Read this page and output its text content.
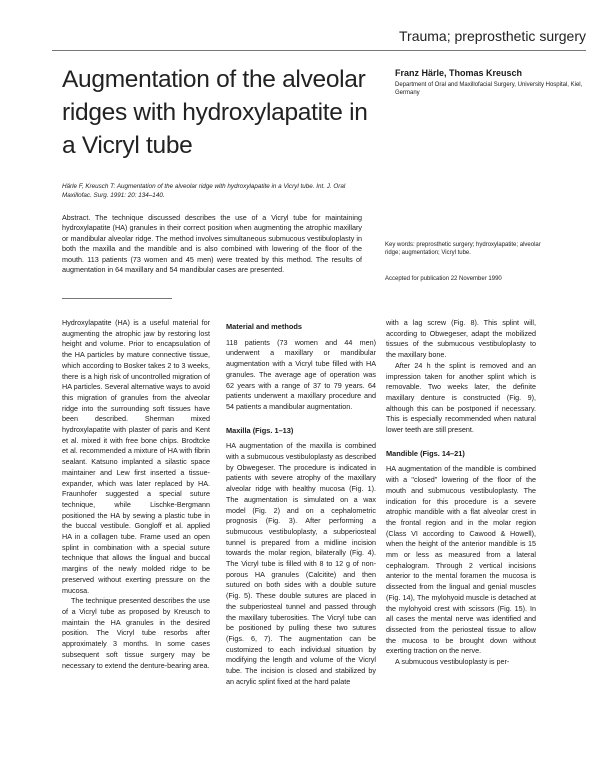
Trauma; preprosthetic surgery
Augmentation of the alveolar ridges with hydroxylapatite in a Vicryl tube
Franz Härle, Thomas Kreusch
Department of Oral and Maxillofacial Surgery, University Hospital, Kiel, Germany
Härle F, Kreusch T: Augmentation of the alveolar ridge with hydroxylapatite in a Vicryl tube. Int. J. Oral Maxillofac. Surg. 1991: 20: 134–140.
Abstract. The technique discussed describes the use of a Vicryl tube for maintaining hydroxylapatite (HA) granules in their correct position when augmenting the atrophic maxillary or mandibular alveolar ridge. The method involves simultaneous submucous vestibuloplasty in both the maxilla and the mandible and is also combined with lowering of the floor of the mouth. 113 patients (73 women and 45 men) were treated by this method. The results of augmentation in 64 maxillary and 54 mandibular cases are presented.
Key words: preprosthetic surgery; hydroxylapatite; alveolar ridge; augmentation; Vicryl tube.
Accepted for publication 22 November 1990

Hydroxylapatite (HA) is a useful material for augmenting the atrophic jaw by restoring lost height and volume. Prior to encapsulation of the HA particles by mature connective tissue, which according to Bosker takes 2 to 3 weeks, there is a high risk of uncontrolled migration of HA particles. Several alternative ways to avoid this migration of granules from the alveolar ridge into the surrounding soft tissues have been described. Sherman mixed hydroxylapatite with plaster of paris and Kent et al. mixed it with free bone chips. Brodtcke et al. recommended a mixture of HA with fibrin sealant. Katsuno implanted a silastic space maintainer and Lew first inserted a tissue-expander, which was later replaced by HA. Fraunhofer suggested a special suture technique, while Lischke-Bergmann positioned the HA by sewing a plastic tube in the buccal vestibule. Gongloff et al. applied HA in a collagen tube. Frame used an open splint in combination with a special suture technique that allows the lingual and buccal margins of the newly molded ridge to be preserved without exerting pressure on the mucosa.

The technique presented describes the use of a Vicryl tube as proposed by Kreusch to maintain the HA granules in the desired position. The Vicryl tube resorbs after approximately 3 months. In some cases subsequent soft tissue surgery may be necessary to extend the denture-bearing area.

Material and methods

118 patients (73 women and 44 men) underwent a maxillary or mandibular augmentation with a Vicryl tube filled with HA granules. The average age of operation was 62 years with a range of 37 to 79 years. 64 patients underwent a maxillary procedure and 54 patients a mandibular augmentation.

Maxilla (Figs. 1–13)

HA augmentation of the maxilla is combined with a submucous vestibuloplasty as described by Obwegeser. The procedure is indicated in patients with severe atrophy of the maxillary alveolar ridge with healthy mucosa (Fig. 1). The augmentation is simulated on a wax model (Fig. 2) and on a cephalometric prognosis (Fig. 3). After performing a submucous vestibuloplasty, a subperiosteal tunnel is prepared from a midline incision towards the molar region, bilaterally (Fig. 4). The Vicryl tube is filled with 8 to 12 g of non-porous HA granules (Calcitite) and then sutured on both sides with a double suture (Fig. 5). These double sutures are placed in the subperiosteal tunnel and passed through the maxillary tuberosities. The Vicryl tube can be positioned by pulling these two sutures (Figs. 6, 7). The augmentation can be customized to each individual situation by modifying the length and volume of the Vicryl tube. The incision is closed and stabilized by an acrylic splint fixed at the hard palate

with a lag screw (Fig. 8). This splint will, according to Obwegeser, adapt the mobilized tissues of the submucous vestibuloplasty to the maxillary bone.

After 24 h the splint is removed and an impression taken for another splint which is removable. Two weeks later, the definite maxillary denture is constructed (Fig. 9), although this can be postponed if necessary. This is especially recommended when natural lower teeth are still present.

Mandible (Figs. 14–21)

HA augmentation of the mandible is combined with a "closed" lowering of the floor of the mouth and submucous vestibuloplasty. The indication for this procedure is a severe atrophic mandible with a flat alveolar crest in the frontal region and in the molar region (Class VI according to Cawood & Howell), when the height of the anterior mandible is 15 mm or less as measured from a lateral cephalogram. Through 2 vertical incisions anterior to the mental foramen the mucosa is dissected from the lingual and genial muscles (Fig. 14), The mylohyoid muscle is detached at the mylohyoid crest with scissors (Fig. 15). In all cases the mental nerve was identified and dissected from the periosteal tissue to allow the mucosa to be brought down without exerting traction on the nerve.

A submucous vestibuloplasty is per-
